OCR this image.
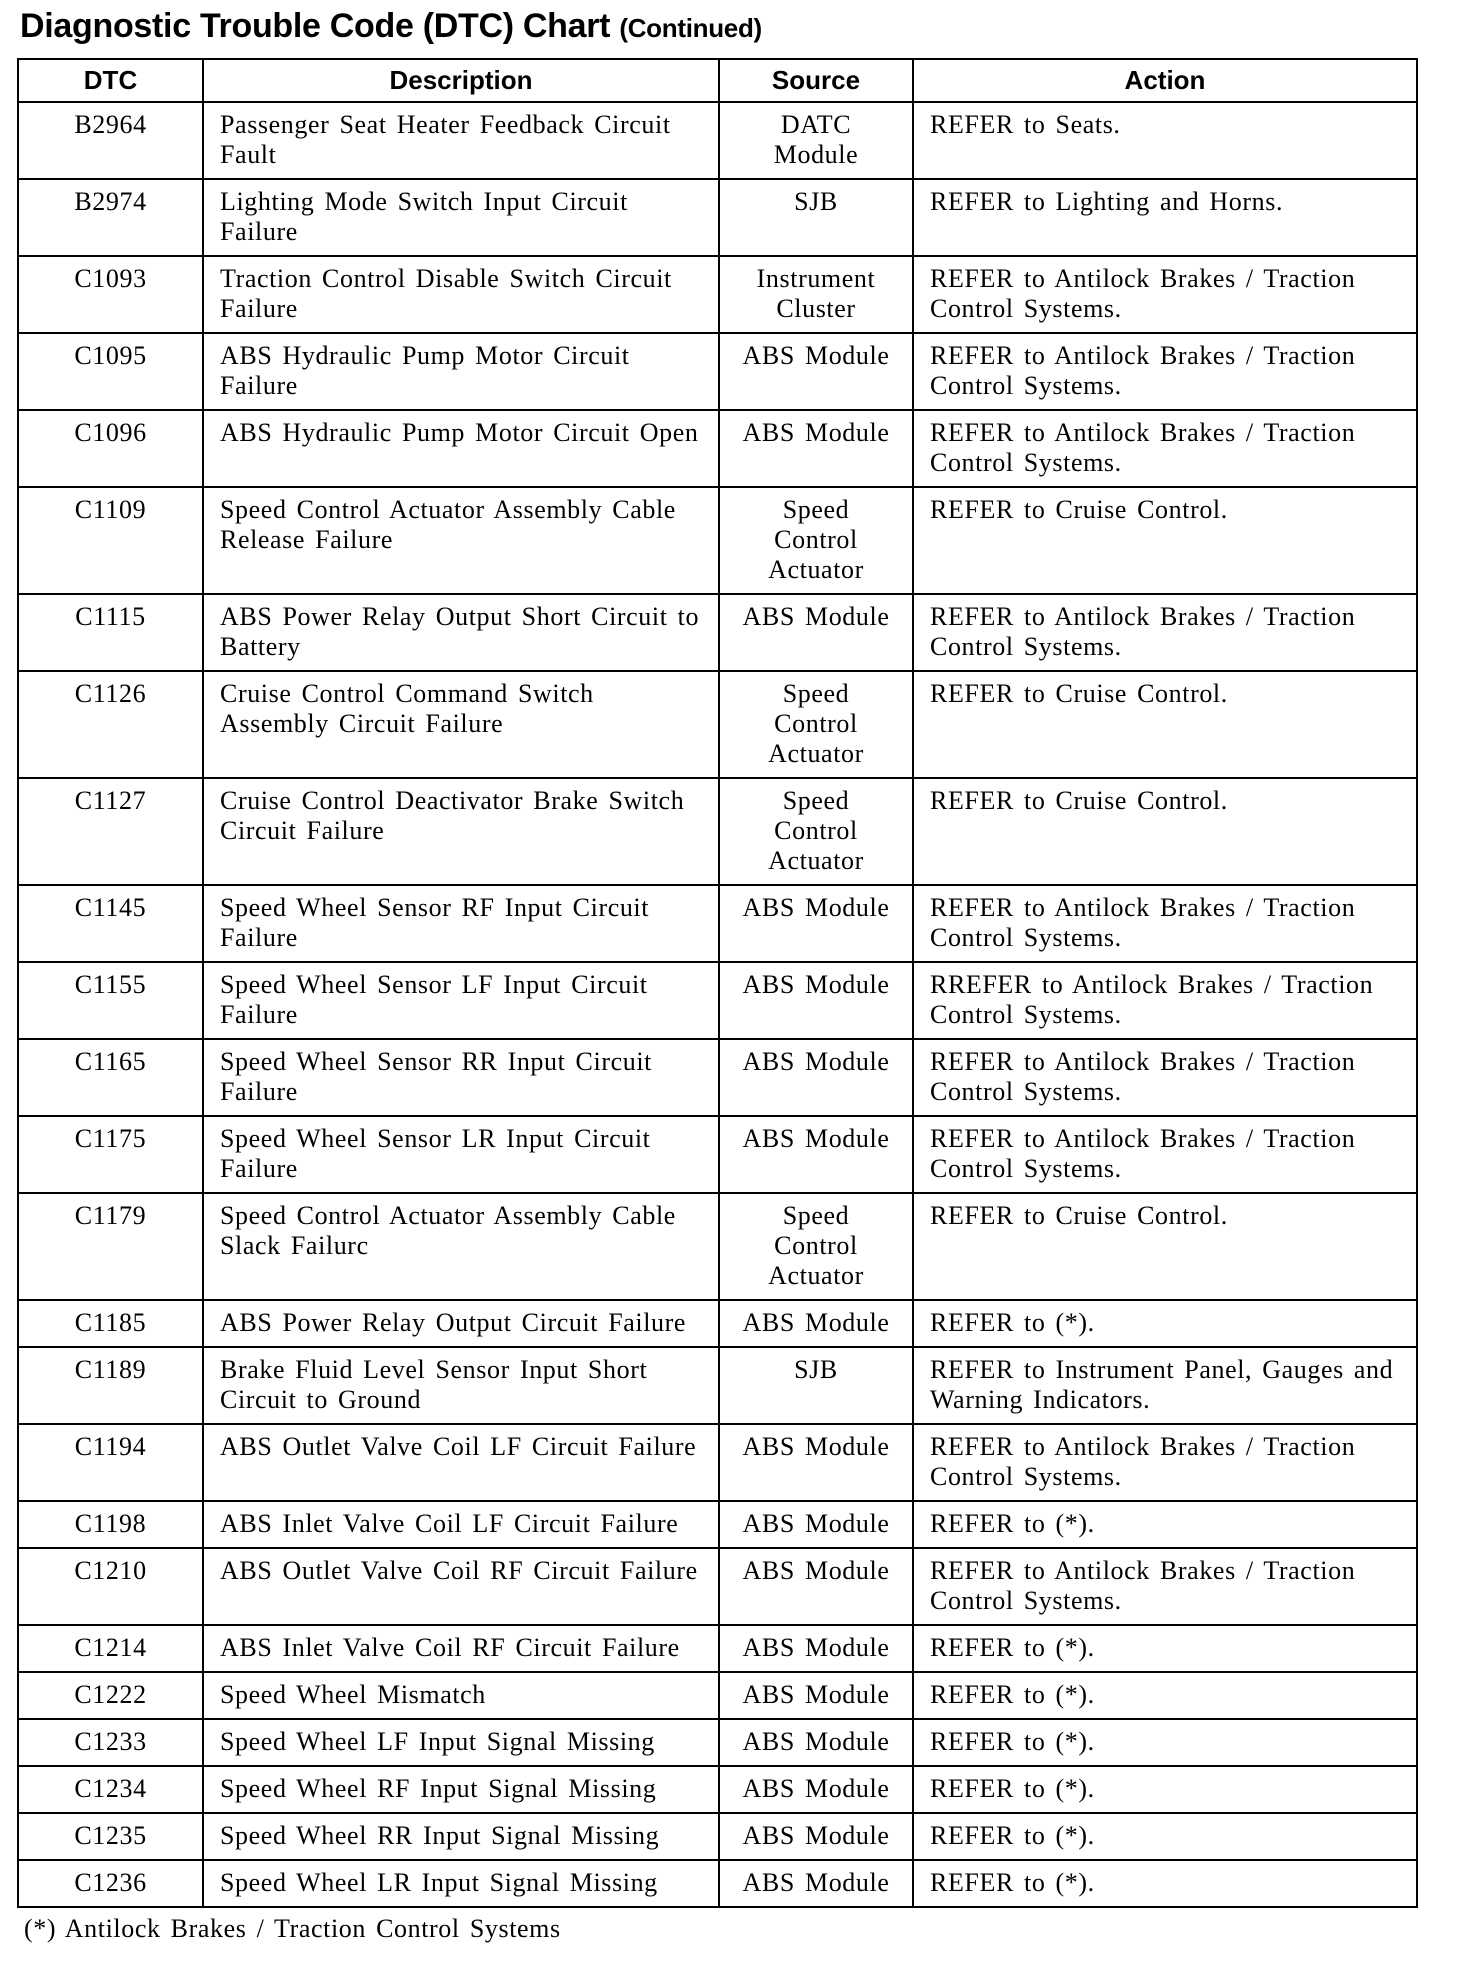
Diagnostic Trouble Code (DTC) Chart (Continued)
DTC	Description	Source	Action
B2964	Passenger Seat Heater Feedback Circuit Fault	DATC Module	REFER to Seats.
B2974	Lighting Mode Switch Input Circuit Failure	SJB	REFER to Lighting and Horns.
C1093	Traction Control Disable Switch Circuit Failure	Instrument Cluster	REFER to Antilock Brakes / Traction Control Systems.
C1095	ABS Hydraulic Pump Motor Circuit Failure	ABS Module	REFER to Antilock Brakes / Traction Control Systems.
C1096	ABS Hydraulic Pump Motor Circuit Open	ABS Module	REFER to Antilock Brakes / Traction Control Systems.
C1109	Speed Control Actuator Assembly Cable Release Failure	Speed Control Actuator	REFER to Cruise Control.
C1115	ABS Power Relay Output Short Circuit to Battery	ABS Module	REFER to Antilock Brakes / Traction Control Systems.
C1126	Cruise Control Command Switch Assembly Circuit Failure	Speed Control Actuator	REFER to Cruise Control.
C1127	Cruise Control Deactivator Brake Switch Circuit Failure	Speed Control Actuator	REFER to Cruise Control.
C1145	Speed Wheel Sensor RF Input Circuit Failure	ABS Module	REFER to Antilock Brakes / Traction Control Systems.
C1155	Speed Wheel Sensor LF Input Circuit Failure	ABS Module	RREFER to Antilock Brakes / Traction Control Systems.
C1165	Speed Wheel Sensor RR Input Circuit Failure	ABS Module	REFER to Antilock Brakes / Traction Control Systems.
C1175	Speed Wheel Sensor LR Input Circuit Failure	ABS Module	REFER to Antilock Brakes / Traction Control Systems.
C1179	Speed Control Actuator Assembly Cable Slack Failurc	Speed Control Actuator	REFER to Cruise Control.
C1185	ABS Power Relay Output Circuit Failure	ABS Module	REFER to (*).
C1189	Brake Fluid Level Sensor Input Short Circuit to Ground	SJB	REFER to Instrument Panel, Gauges and Warning Indicators.
C1194	ABS Outlet Valve Coil LF Circuit Failure	ABS Module	REFER to Antilock Brakes / Traction Control Systems.
C1198	ABS Inlet Valve Coil LF Circuit Failure	ABS Module	REFER to (*).
C1210	ABS Outlet Valve Coil RF Circuit Failure	ABS Module	REFER to Antilock Brakes / Traction Control Systems.
C1214	ABS Inlet Valve Coil RF Circuit Failure	ABS Module	REFER to (*).
C1222	Speed Wheel Mismatch	ABS Module	REFER to (*).
C1233	Speed Wheel LF Input Signal Missing	ABS Module	REFER to (*).
C1234	Speed Wheel RF Input Signal Missing	ABS Module	REFER to (*).
C1235	Speed Wheel RR Input Signal Missing	ABS Module	REFER to (*).
C1236	Speed Wheel LR Input Signal Missing	ABS Module	REFER to (*).
(*) Antilock Brakes / Traction Control Systems
